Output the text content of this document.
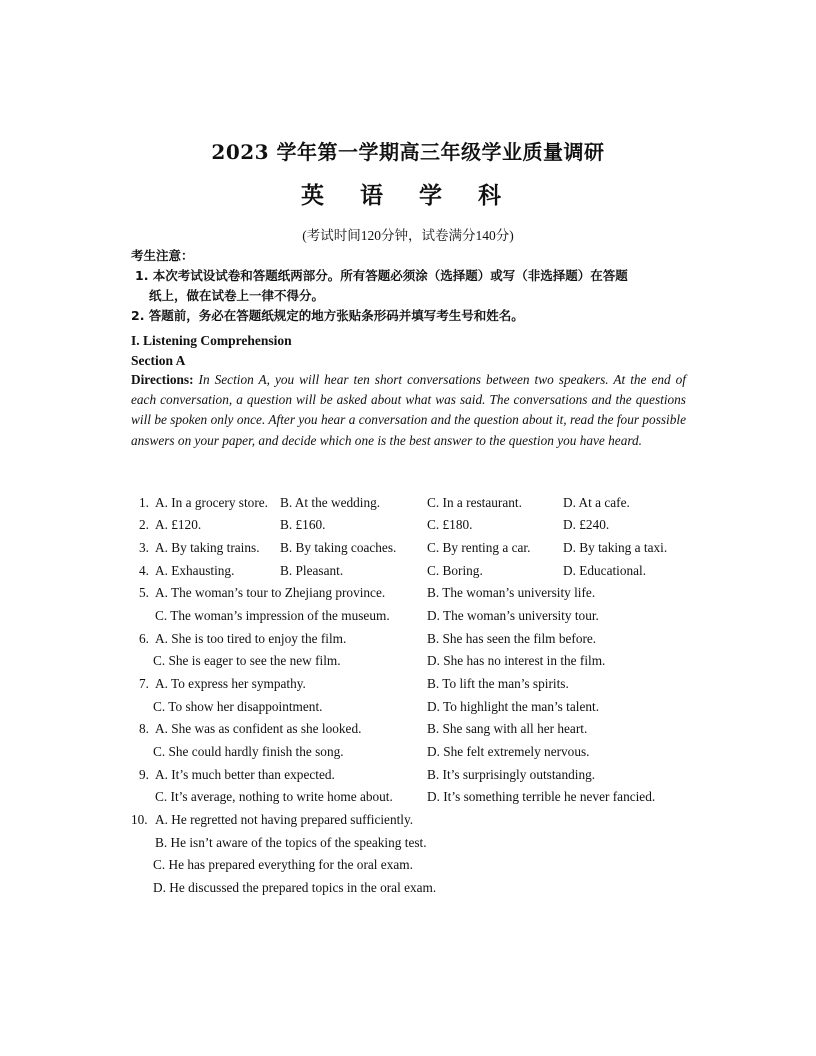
2023 学年第一学期高三年级学业质量调研
英 语 学 科
(考试时间120分钟，试卷满分140分)
考生注意：
1. 本次考试设试卷和答题纸两部分。所有答题必须涂（选择题）或写（非选择题）在答题
纸上，做在试卷上一律不得分。
2. 答题前，务必在答题纸规定的地方张贴条形码并填写考生号和姓名。
I. Listening Comprehension
Section A
Directions: In Section A, you will hear ten short conversations between two speakers. At the end of each conversation, a question will be asked about what was said. The conversations and the questions will be spoken only once. After you hear a conversation and the question about it, read the four possible answers on your paper, and decide which one is the best answer to the question you have heard.
1. A. In a grocery store. B. At the wedding.	C. In a restaurant.	D. At a cafe.
2. A. £120.	B. £160.	C. £180.	D. £240.
3. A. By taking trains. B. By taking coaches. C. By renting a car. D. By taking a taxi.
4. A. Exhausting.	B. Pleasant.	C. Boring.	D. Educational.
5. A. The woman’s tour to Zhejiang province.	B. The woman’s university life.
C. The woman’s impression of the museum.	D. The woman’s university tour.
6. A. She is too tired to enjoy the film.	B. She has seen the film before.
C. She is eager to see the new film.	D. She has no interest in the film.
7. A. To express her sympathy.	B. To lift the man’s spirits.
C. To show her disappointment.	D. To highlight the man’s talent.
8. A. She was as confident as she looked.	B. She sang with all her heart.
C. She could hardly finish the song.	D. She felt extremely nervous.
9. A. It’s much better than expected.	B. It’s surprisingly outstanding.
C. It’s average, nothing to write home about.	D. It’s something terrible he never fancied.
10. A. He regretted not having prepared sufficiently.
B. He isn’t aware of the topics of the speaking test.
C. He has prepared everything for the oral exam.
D. He discussed the prepared topics in the oral exam.
